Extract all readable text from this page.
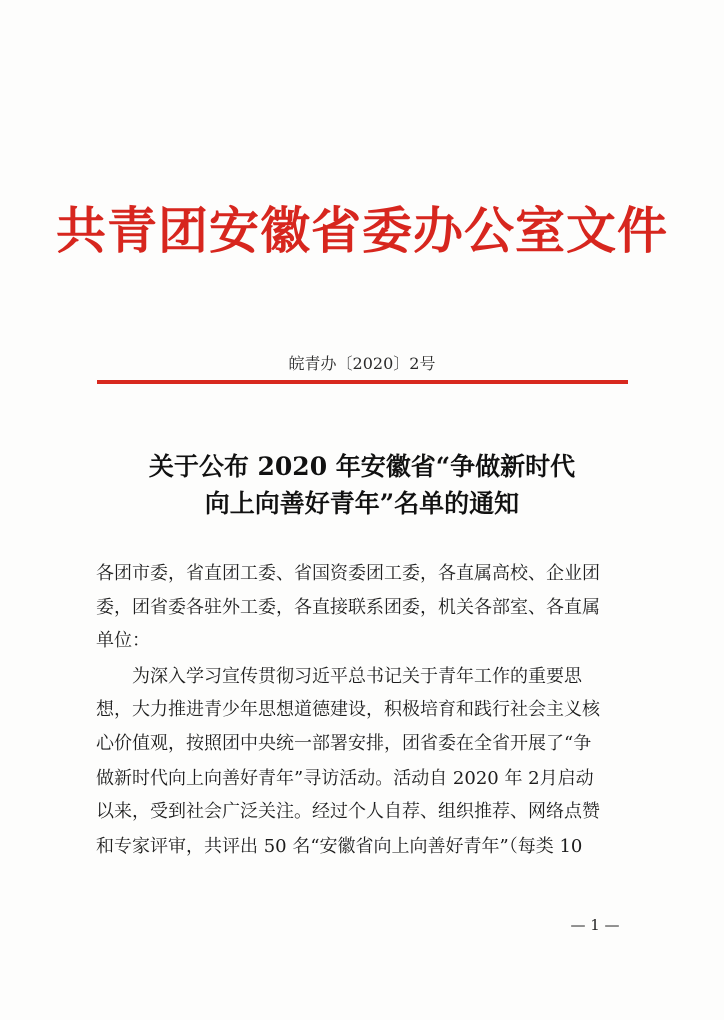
共青团安徽省委办公室文件
皖青办〔2020〕2号
关于公布 2020 年安徽省“争做新时代
向上向善好青年”名单的通知
各团市委，省直团工委、省国资委团工委，各直属高校、企业团
委，团省委各驻外工委，各直接联系团委，机关各部室、各直属
单位：
　　为深入学习宣传贯彻习近平总书记关于青年工作的重要思
想，大力推进青少年思想道德建设，积极培育和践行社会主义核
心价值观，按照团中央统一部署安排，团省委在全省开展了“争
做新时代向上向善好青年”寻访活动。活动自 2020 年 2月启动
以来，受到社会广泛关注。经过个人自荐、组织推荐、网络点赞
和专家评审，共评出 50 名“安徽省向上向善好青年”（每类 10
— 1 —
